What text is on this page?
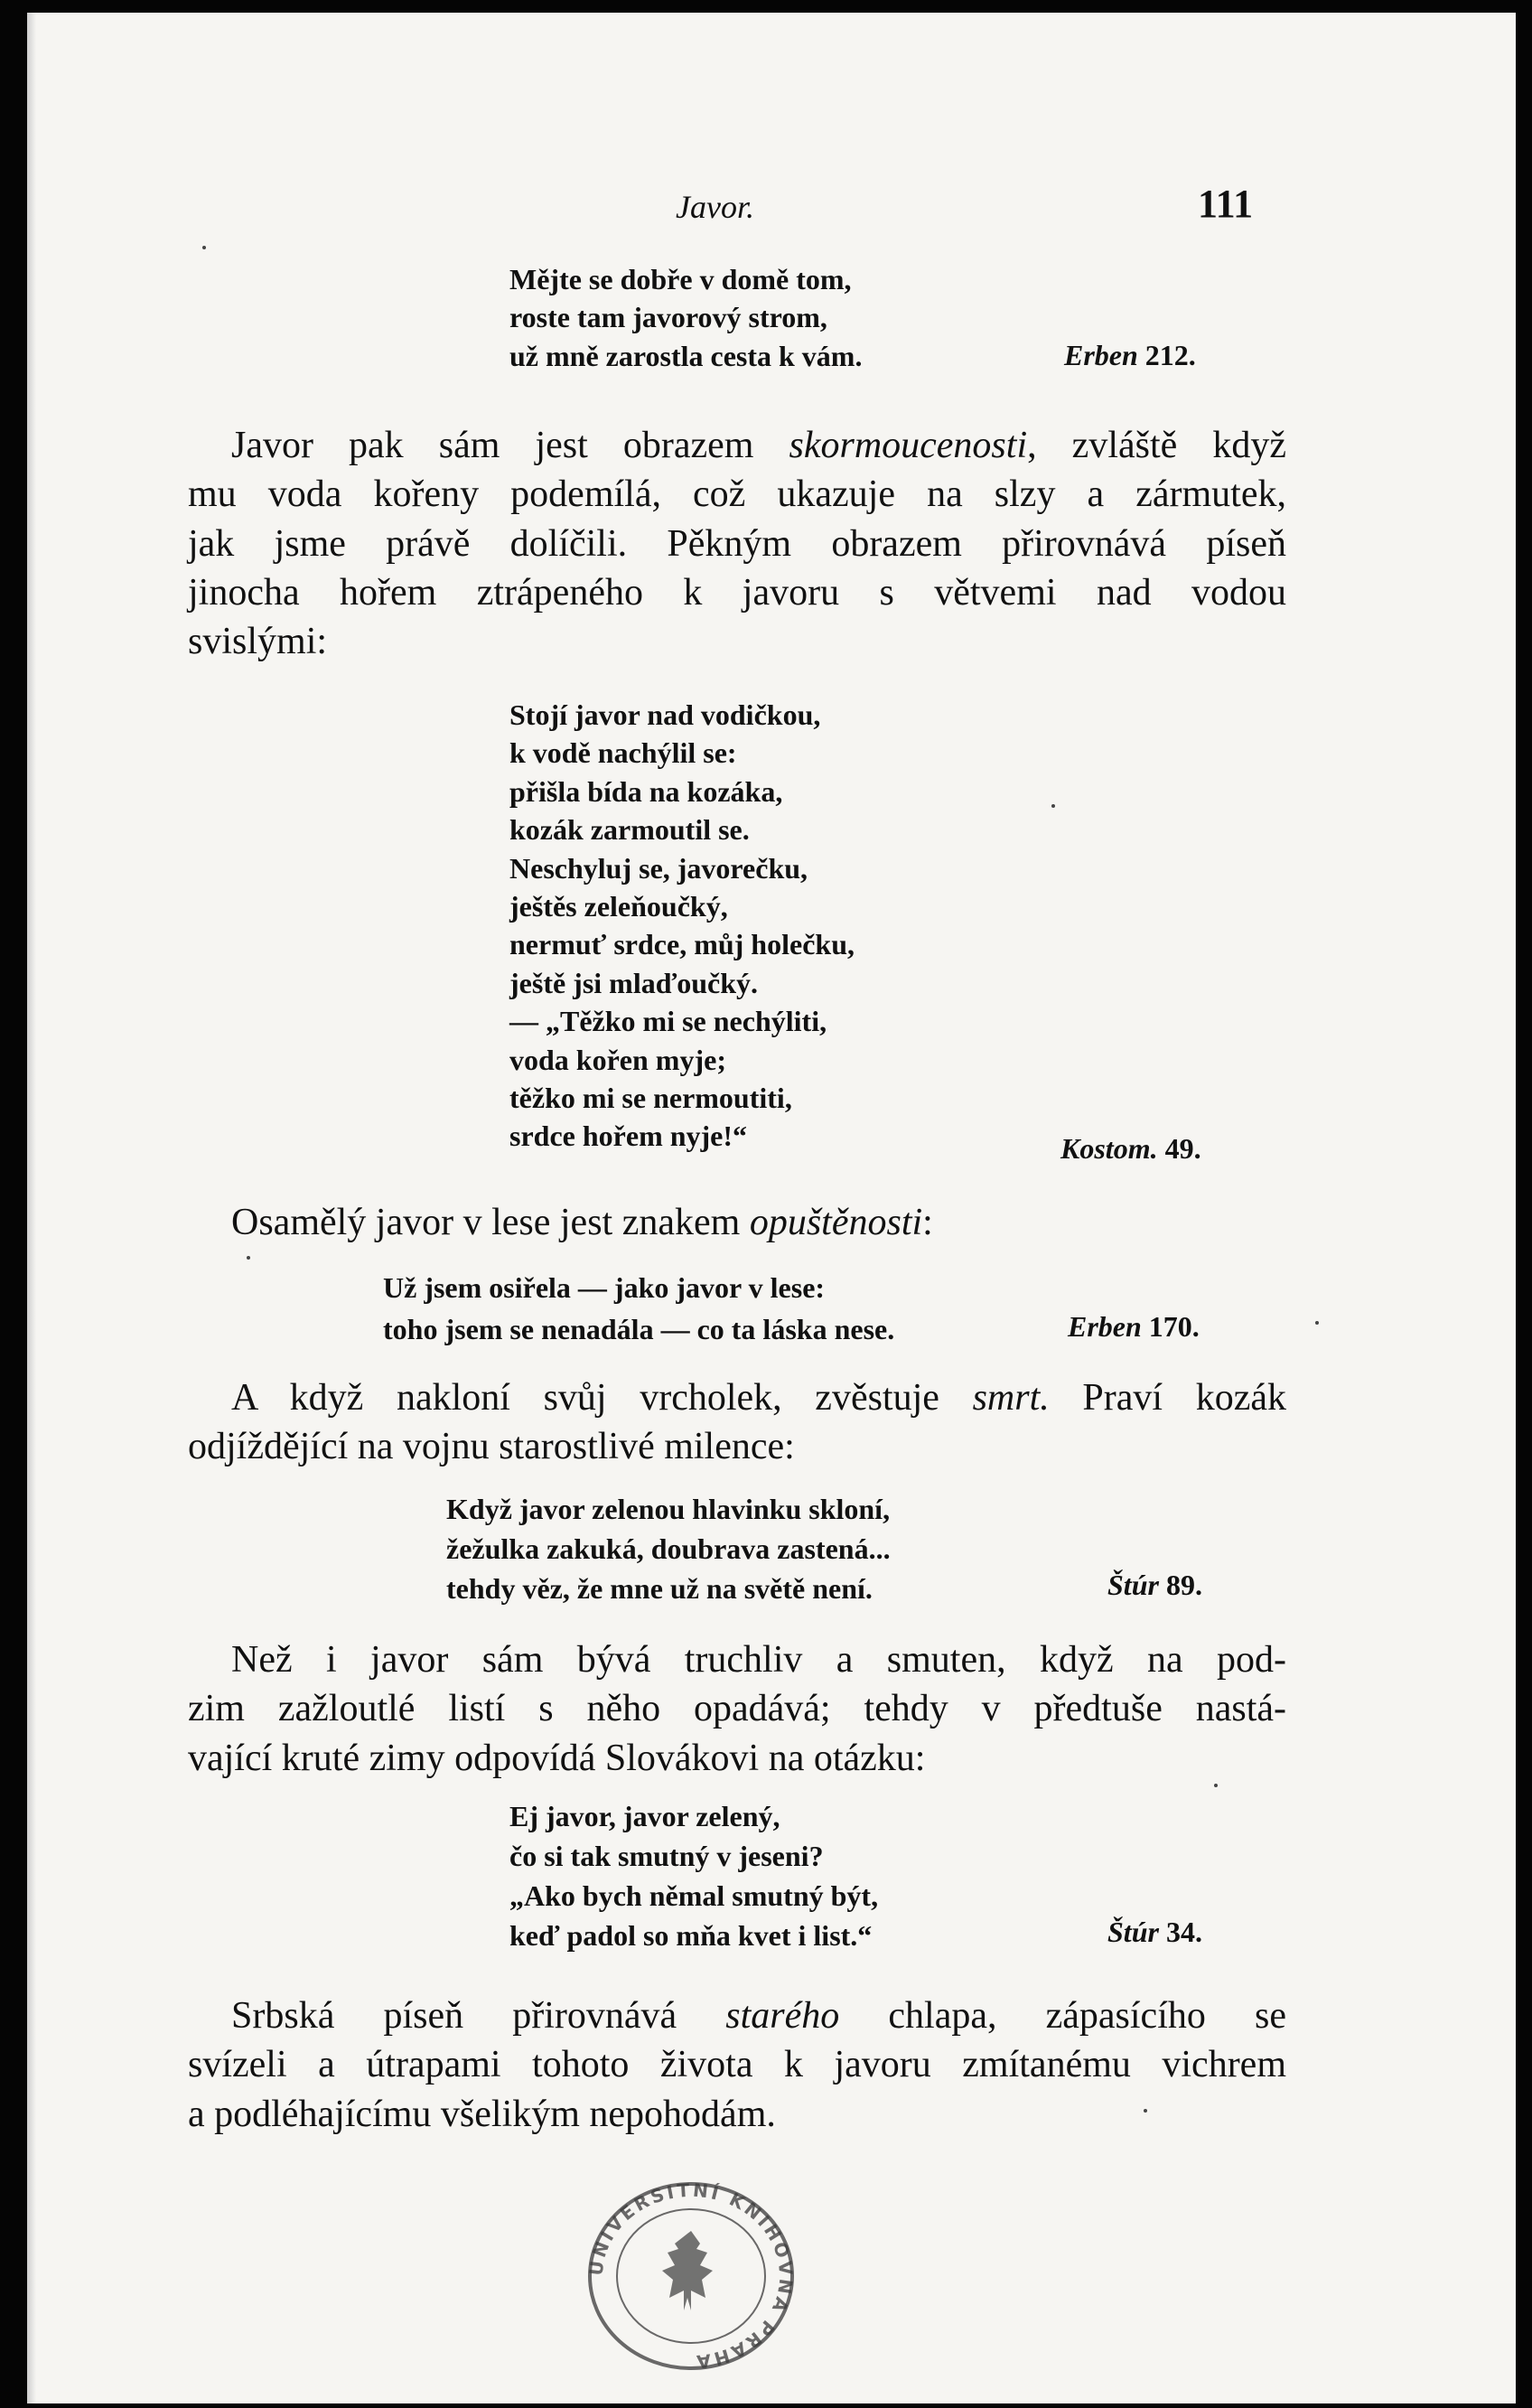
Javor.	111
Mějte se dobře v domě tom,
roste tam javorový strom,
už mně zarostla cesta k vám.	Erben 212.
Javor pak sám jest obrazem skormoucenosti, zvláště když
mu voda kořeny podemílá, což ukazuje na slzy a zármutek,
jak jsme právě dolíčili. Pěkným obrazem přirovnává píseň
jinocha hořem ztrápeného k javoru s větvemi nad vodou
svislými:
Stojí javor nad vodičkou,
k vodě nachýlil se:
přišla bída na kozáka,
kozák zarmoutil se.
Neschyluj se, javorečku,
ještěs zeleňoučký,
nermuť srdce, můj holečku,
ještě jsi mlaďoučký.
— „Těžko mi se nechýliti,
voda kořen myje;
těžko mi se nermoutiti,
srdce hořem nyje!“	Kostom. 49.
Osamělý javor v lese jest znakem opuštěnosti:
Už jsem osiřela — jako javor v lese:
toho jsem se nenadála — co ta láska nese.	Erben 170.
A když nakloní svůj vrcholek, zvěstuje smrt. Praví kozák
odjíždějící na vojnu starostlivé milence:
Když javor zelenou hlavinku skloní,
žežulka zakuká, doubrava zastená...
tehdy věz, že mne už na světě není.	Štúr 89.
Než i javor sám bývá truchliv a smuten, když na pod-
zim zažloutlé listí s něho opadává; tehdy v předtuše nastá-
vající kruté zimy odpovídá Slovákovi na otázku:
Ej javor, javor zelený,
čo si tak smutný v jeseni?
„Ako bych němal smutný být,
keď padol so mňa kvet i list.“	Štúr 34.
Srbská píseň přirovnává starého chlapa, zápasícího se
svízeli a útrapami tohoto života k javoru zmítanému vichrem
a podléhajícímu všelikým nepohodám.
UNIVERSITNÍ KNIHOVNA PRAHA
